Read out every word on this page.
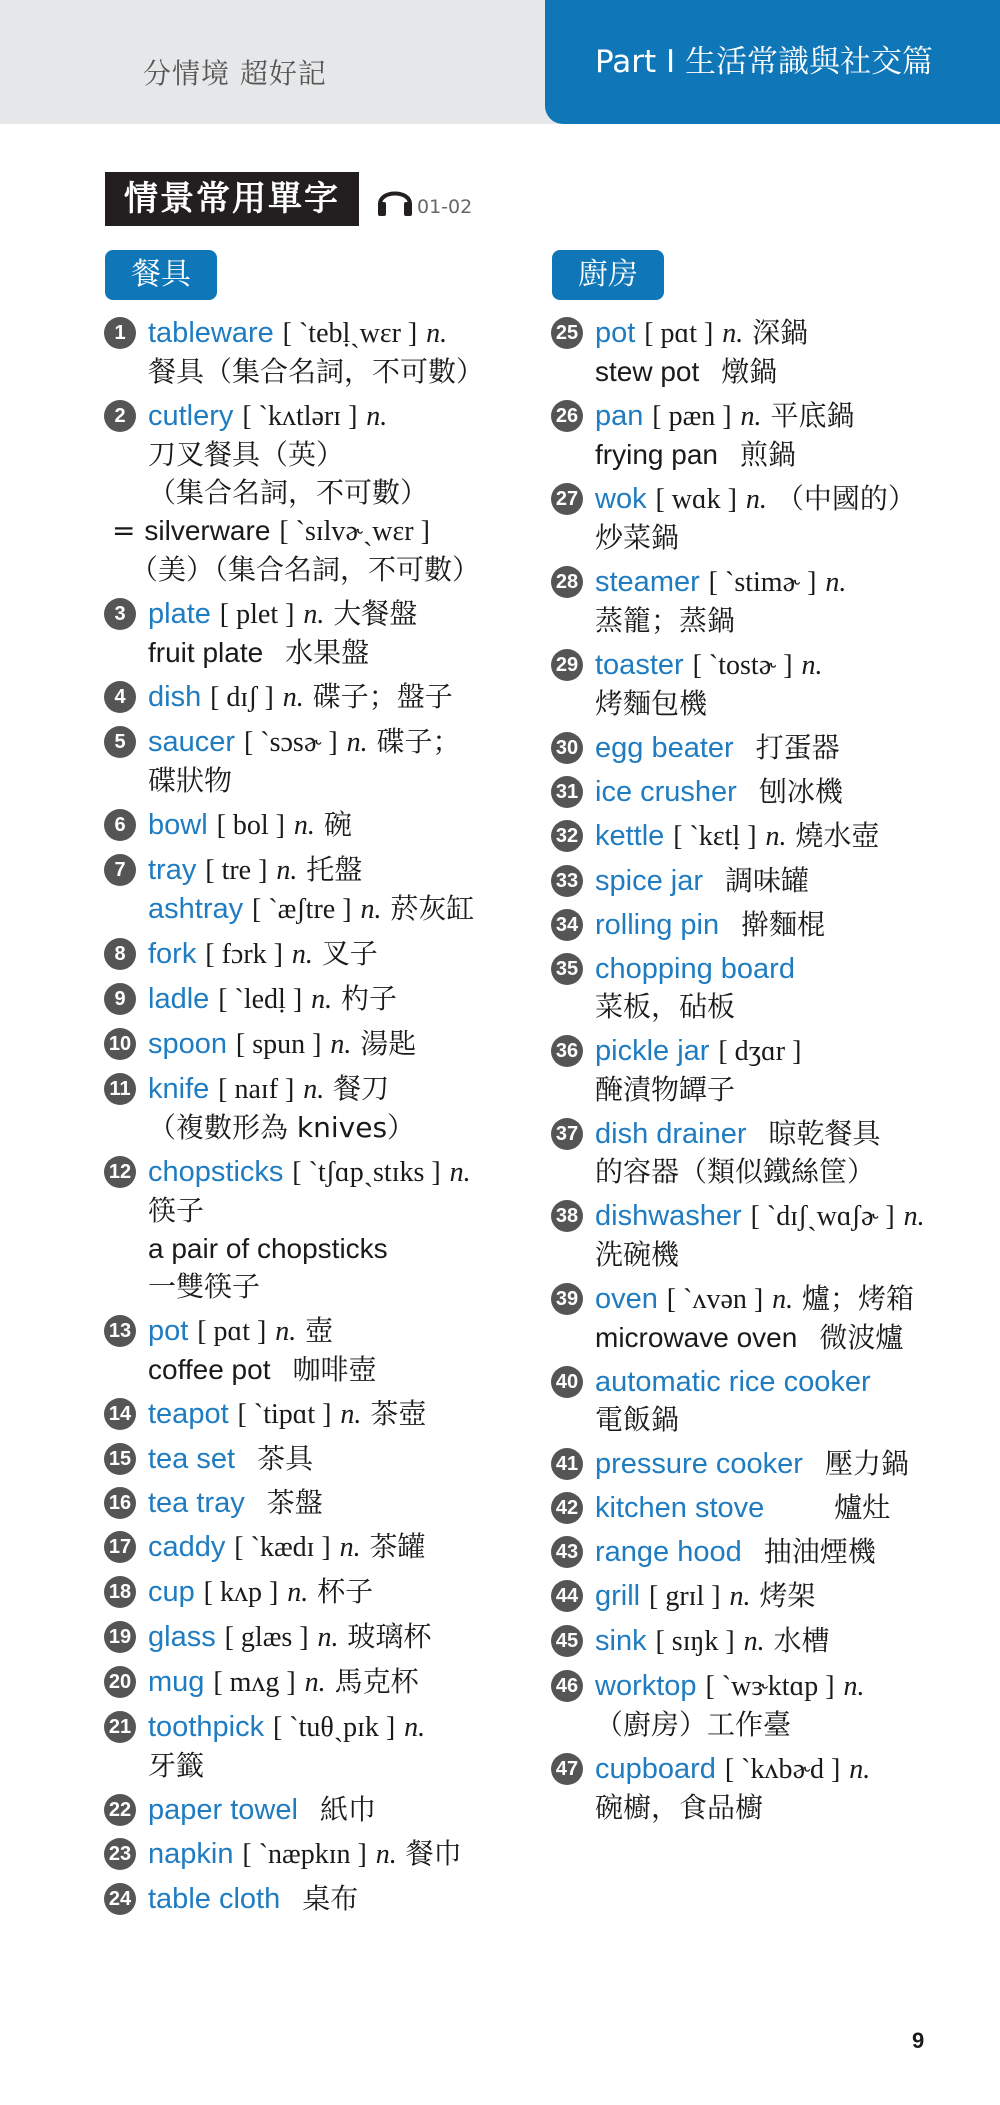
分情境 超好記	Part I 生活常識與社交篇
情景常用單字	01-02
餐具	廚房
1 tableware [ ˋtebḷˏwɛr ] n.
餐具（集合名詞，不可數）
2 cutlery [ ˋkʌtlərɪ ] n.
刀叉餐具（英）
（集合名詞，不可數）
= silverware [ ˋsɪlvɚˏwɛr ]
（美）（集合名詞，不可數）
3 plate [ plet ] n. 大餐盤
fruit plate 水果盤
4 dish [ dɪʃ ] n. 碟子；盤子
5 saucer [ ˋsɔsɚ ] n. 碟子；
碟狀物
6 bowl [ bol ] n. 碗
7 tray [ tre ] n. 托盤
ashtray [ ˋæʃtre ] n. 菸灰缸
8 fork [ fɔrk ] n. 叉子
9 ladle [ ˋledḷ ] n. 杓子
10 spoon [ spun ] n. 湯匙
11 knife [ naɪf ] n. 餐刀
（複數形為 knives）
12 chopsticks [ ˋtʃɑpˏstɪks ] n.
筷子
a pair of chopsticks
一雙筷子
13 pot [ pɑt ] n. 壺
coffee pot 咖啡壺
14 teapot [ ˋtipɑt ] n. 茶壺
15 tea set 茶具
16 tea tray 茶盤
17 caddy [ ˋkædɪ ] n. 茶罐
18 cup [ kʌp ] n. 杯子
19 glass [ glæs ] n. 玻璃杯
20 mug [ mʌg ] n. 馬克杯
21 toothpick [ ˋtuθˏpɪk ] n.
牙籤
22 paper towel 紙巾
23 napkin [ ˋnæpkɪn ] n. 餐巾
24 table cloth 桌布
25 pot [ pɑt ] n. 深鍋
stew pot 燉鍋
26 pan [ pæn ] n. 平底鍋
frying pan 煎鍋
27 wok [ wɑk ] n. （中國的）
炒菜鍋
28 steamer [ ˋstimɚ ] n.
蒸籠；蒸鍋
29 toaster [ ˋtostɚ ] n.
烤麵包機
30 egg beater 打蛋器
31 ice crusher 刨冰機
32 kettle [ ˋkɛtḷ ] n. 燒水壺
33 spice jar 調味罐
34 rolling pin 擀麵棍
35 chopping board
菜板，砧板
36 pickle jar [ dʒɑr ]
醃漬物罈子
37 dish drainer 晾乾餐具
的容器（類似鐵絲筐）
38 dishwasher [ ˋdɪʃˏwɑʃɚ ] n.
洗碗機
39 oven [ ˋʌvən ] n. 爐；烤箱
microwave oven 微波爐
40 automatic rice cooker
電飯鍋
41 pressure cooker 壓力鍋
42 kitchen stove	爐灶
43 range hood 抽油煙機
44 grill [ grɪl ] n. 烤架
45 sink [ sɪŋk ] n. 水槽
46 worktop [ ˋwɝktɑp ] n.
（廚房）工作臺
47 cupboard [ ˋkʌbɚd ] n.
碗櫥，食品櫥
9
